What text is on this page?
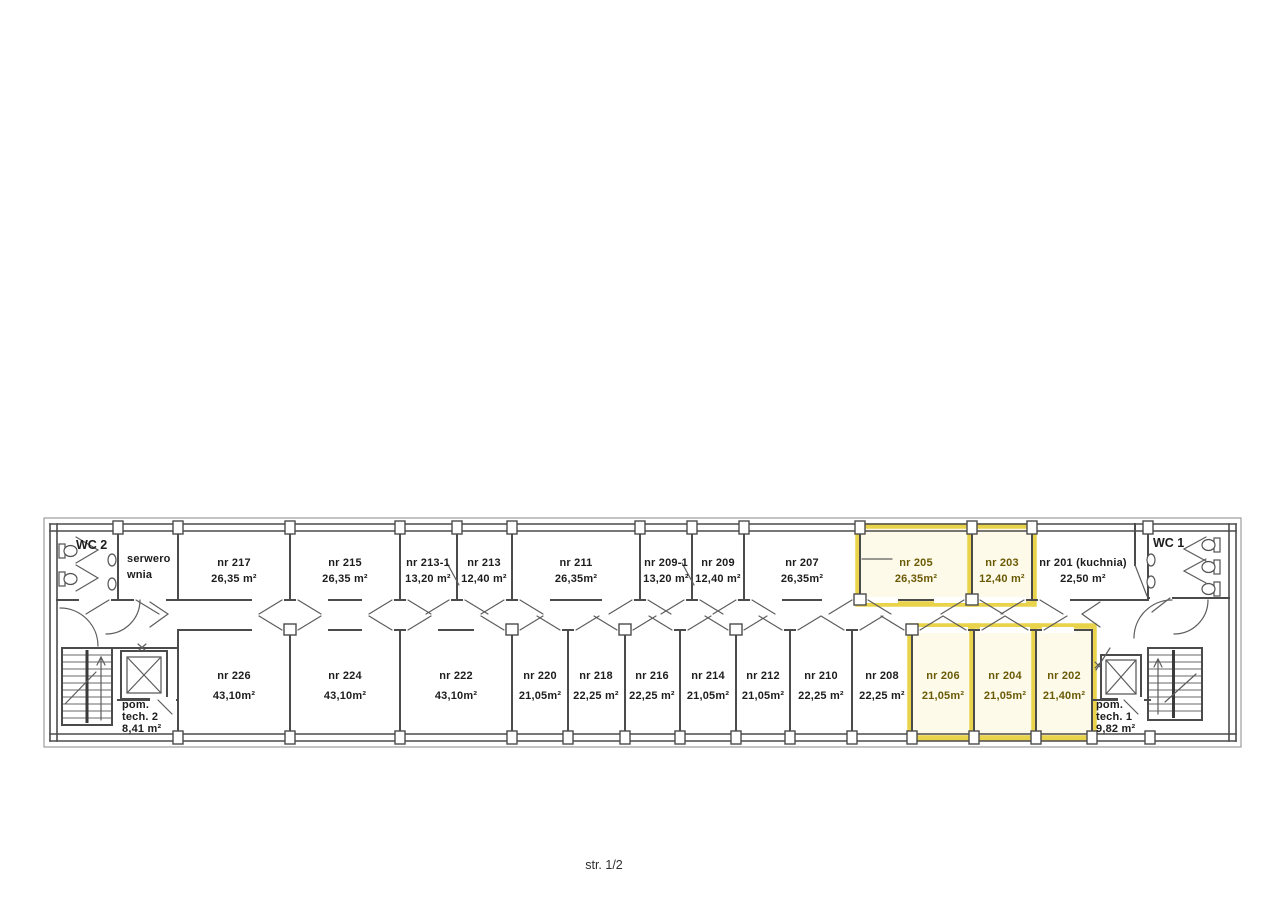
nr 217
26,35 m²
nr 215
26,35 m²
nr 213-1
13,20 m²
nr 213
12,40 m²
nr 211
26,35m²
nr 209-1
13,20 m²
nr 209
12,40 m²
nr 207
26,35m²
nr 205
26,35m²
nr 203
12,40 m²
nr 201 (kuchnia)
22,50 m²
nr 226
43,10m²
nr 224
43,10m²
nr 222
43,10m²
nr 220
21,05m²
nr 218
22,25 m²
nr 216
22,25 m²
nr 214
21,05m²
nr 212
21,05m²
nr 210
22,25 m²
nr 208
22,25 m²
nr 206
21,05m²
nr 204
21,05m²
nr 202
21,40m²
WC 2	WC 1
serwero
wnia
pom.
tech. 2
8,41 m²
pom.
tech. 1
9,82 m²
str. 1/2
